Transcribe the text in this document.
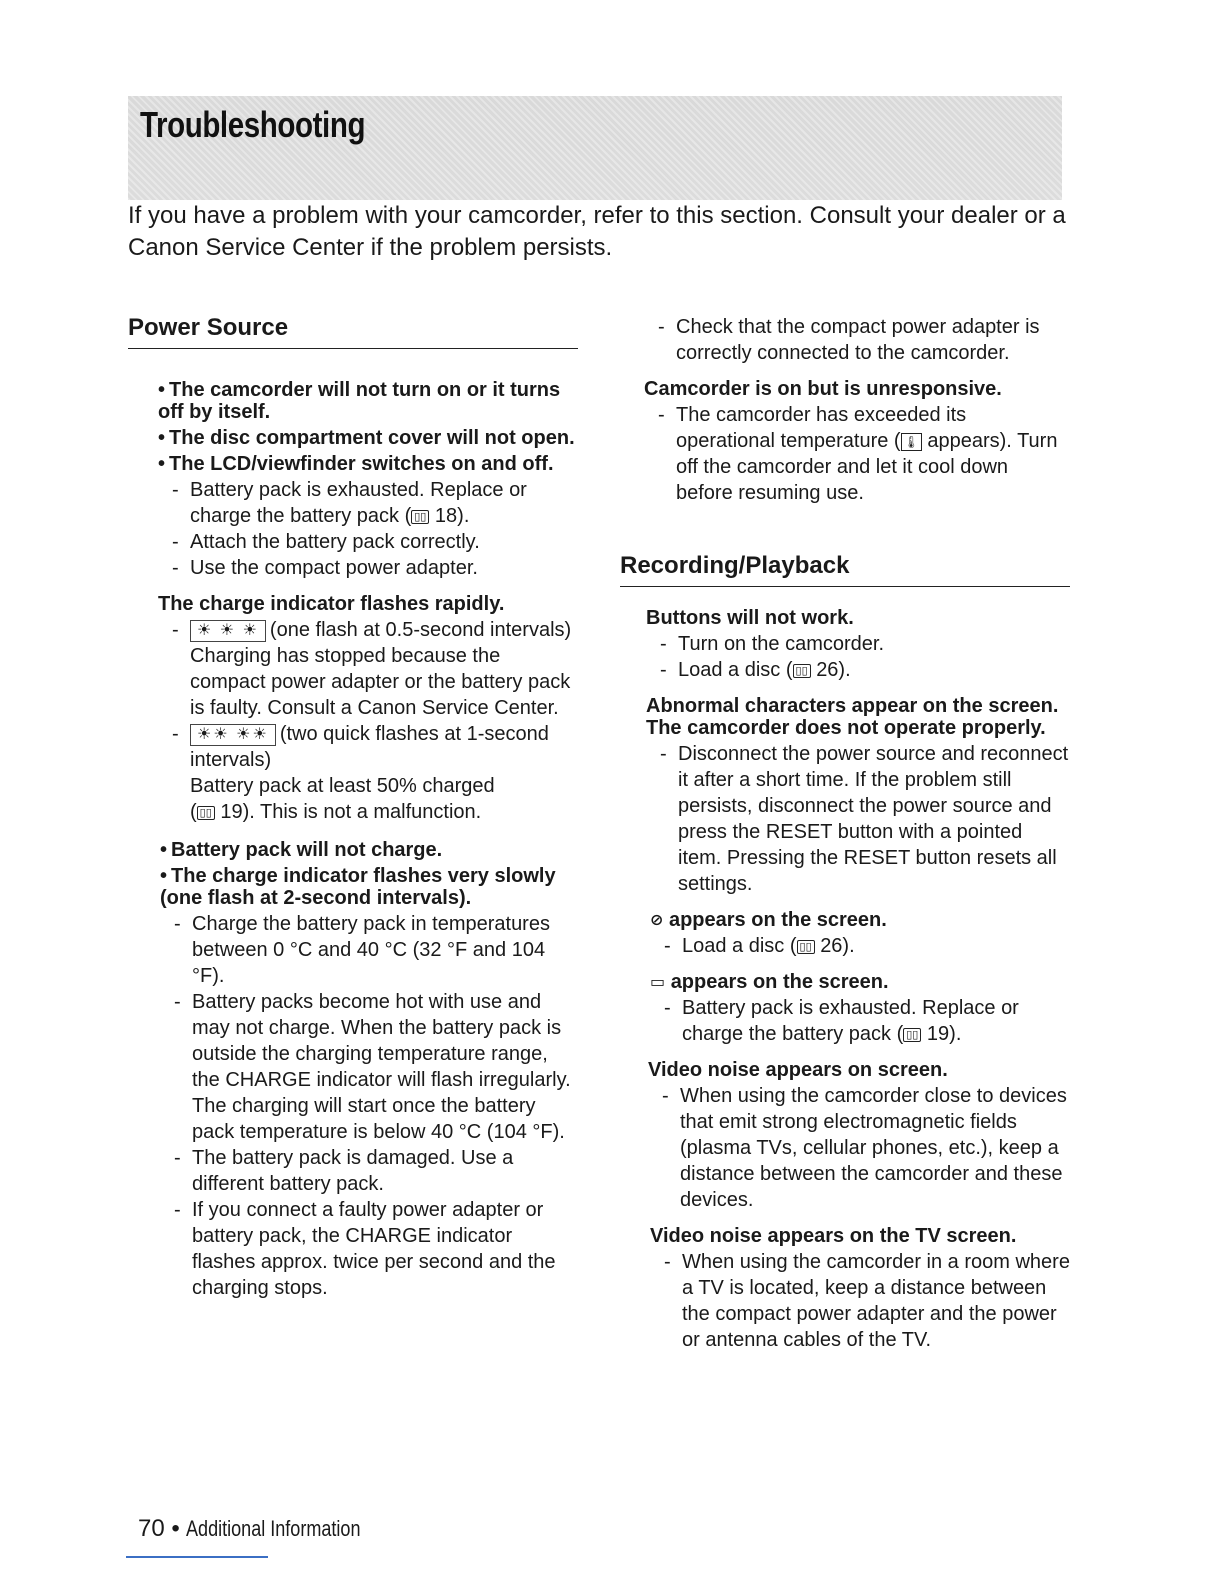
Troubleshooting

If you have a problem with your camcorder, refer to this section. Consult your dealer or a Canon Service Center if the problem persists.

Power Source

• The camcorder will not turn on or it turns off by itself.

• The disc compartment cover will not open.

• The LCD/viewfinder switches on and off.

- Battery pack is exhausted. Replace or charge the battery pack ( ▯▯ 18).
- Attach the battery pack correctly.
- Use the compact power adapter.

The charge indicator flashes rapidly.

- ☀ ☀ ☀ (one flash at 0.5-second intervals)
Charging has stopped because the compact power adapter or the battery pack is faulty. Consult a Canon Service Center.
- ☀☀ ☀☀ (two quick flashes at 1-second intervals)
Battery pack at least 50% charged
( ▯▯ 19). This is not a malfunction.

• Battery pack will not charge.

• The charge indicator flashes very slowly (one flash at 2-second intervals).

- Charge the battery pack in temperatures between 0 °C and 40 °C (32 °F and 104 °F).
- Battery packs become hot with use and may not charge. When the battery pack is outside the charging temperature range, the CHARGE indicator will flash irregularly. The charging will start once the battery pack temperature is below 40 °C (104 °F).
- The battery pack is damaged. Use a different battery pack.
- If you connect a faulty power adapter or battery pack, the CHARGE indicator flashes approx. twice per second and the charging stops.
- Check that the compact power adapter is correctly connected to the camcorder.

Camcorder is on but is unresponsive.

- The camcorder has exceeded its operational temperature ( 🌡 appears). Turn off the camcorder and let it cool down before resuming use.
Recording/Playback

Buttons will not work.

- Turn on the camcorder.
- Load a disc ( ▯▯ 26).

Abnormal characters appear on the screen. The camcorder does not operate properly.

- Disconnect the power source and reconnect it after a short time. If the problem still persists, disconnect the power source and press the RESET button with a pointed item. Pressing the RESET button resets all settings.

⊘ appears on the screen.

- Load a disc ( ▯▯ 26).

▭ appears on the screen.

- Battery pack is exhausted. Replace or charge the battery pack ( ▯▯ 19).

Video noise appears on screen.

- When using the camcorder close to devices that emit strong electromagnetic fields (plasma TVs, cellular phones, etc.), keep a distance between the camcorder and these devices.

Video noise appears on the TV screen.

- When using the camcorder in a room where a TV is located, keep a distance between the compact power adapter and the power or antenna cables of the TV.

70 • Additional Information
